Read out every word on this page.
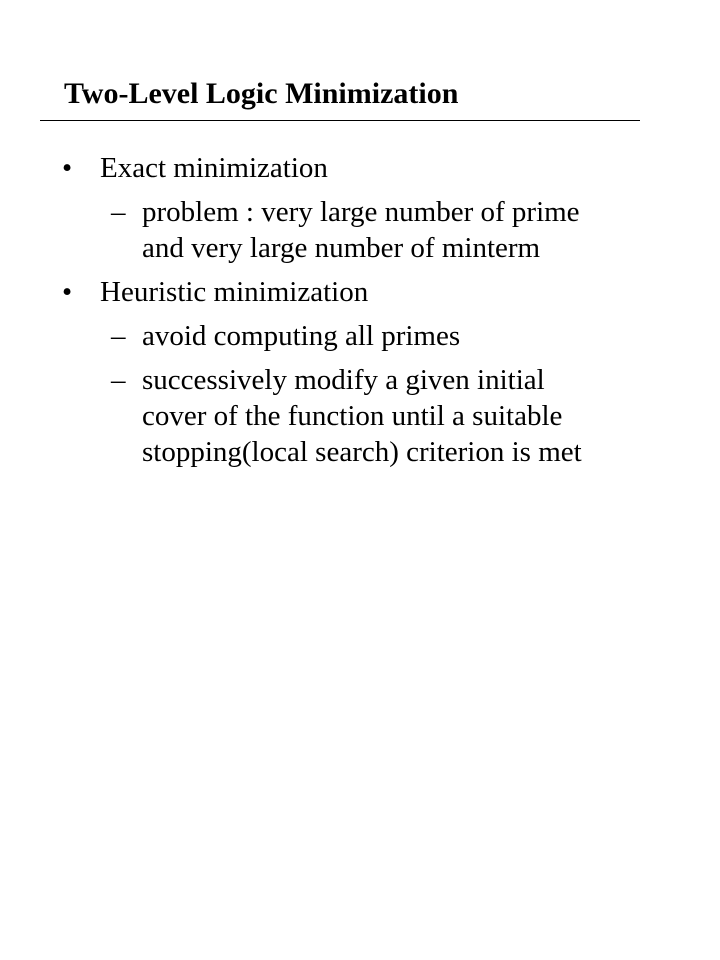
Two-Level Logic Minimization
• Exact minimization
– problem : very large number of prime
and very large number of minterm
• Heuristic minimization
– avoid computing all primes
– successively modify a given initial
cover of the function until a suitable
stopping(local search) criterion is met
